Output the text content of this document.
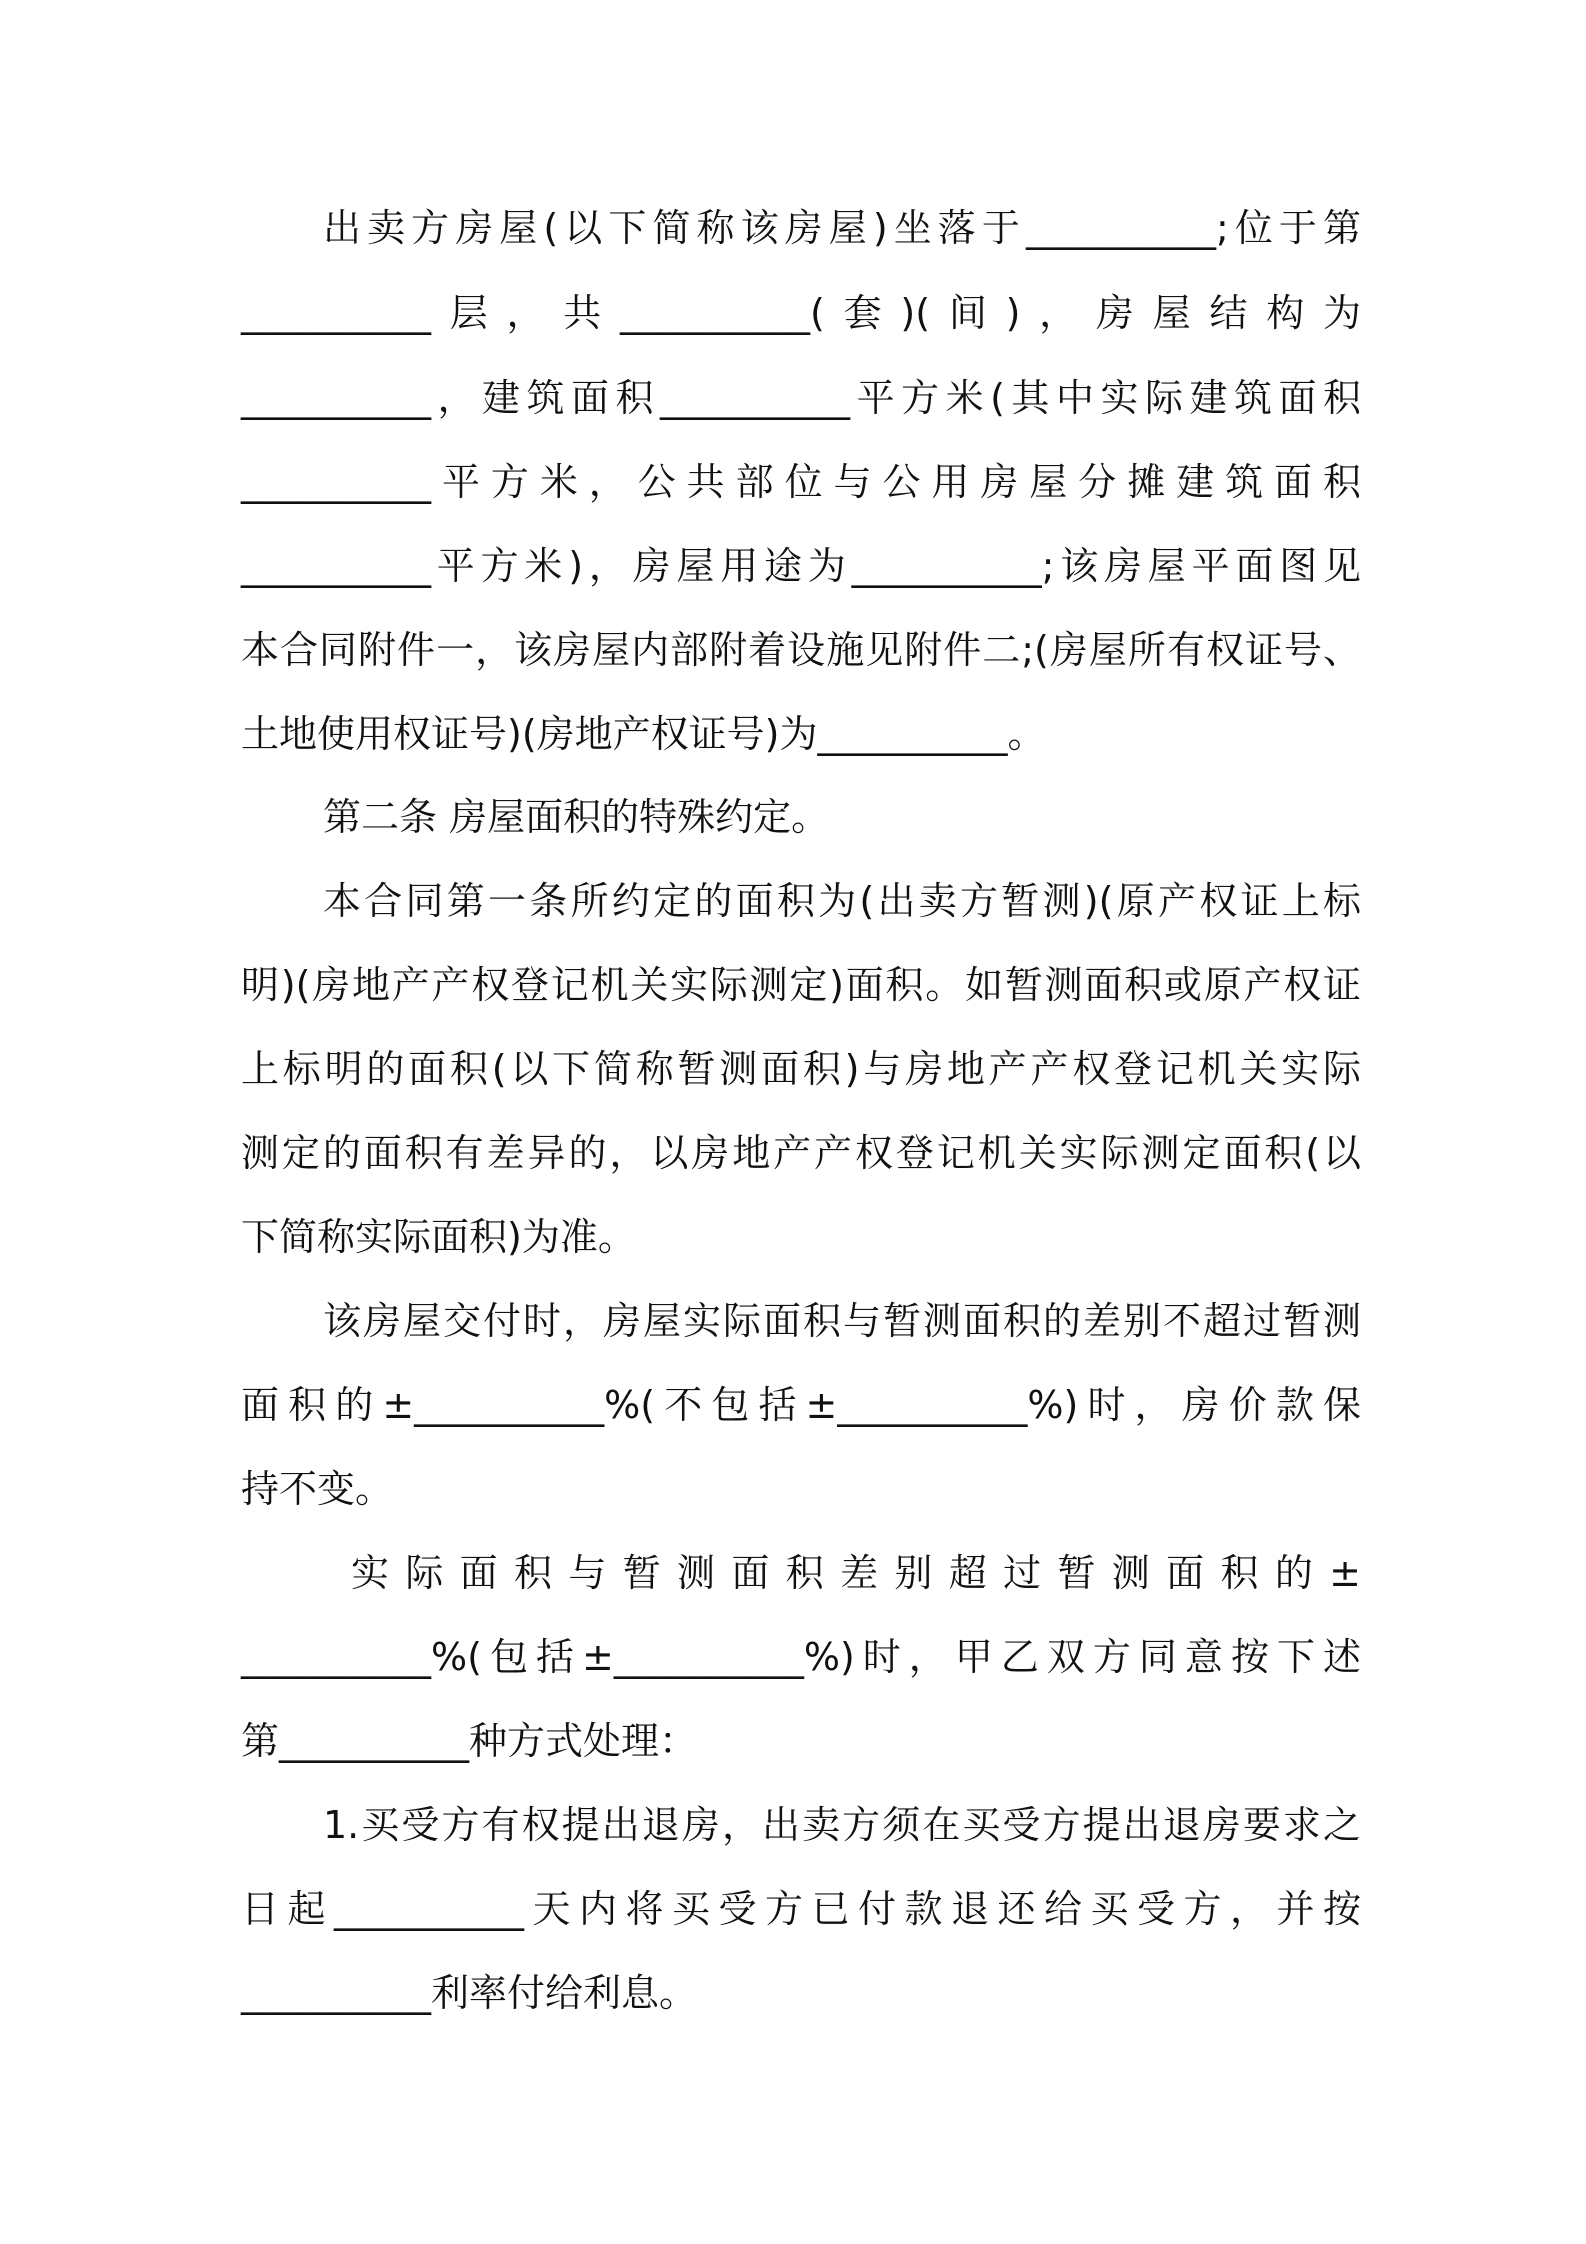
出卖方房屋(以下简称该房屋)坐落于__________;位于第
__________层，共__________(套)(间)，房屋结构为
__________，建筑面积__________平方米(其中实际建筑面积
__________平方米，公共部位与公用房屋分摊建筑面积
__________平方米)，房屋用途为__________;该房屋平面图见
本合同附件一，该房屋内部附着设施见附件二;(房屋所有权证号、
土地使用权证号)(房地产权证号)为__________。
第二条 房屋面积的特殊约定。
本合同第一条所约定的面积为(出卖方暂测)(原产权证上标
明)(房地产产权登记机关实际测定)面积。如暂测面积或原产权证
上标明的面积(以下简称暂测面积)与房地产产权登记机关实际
测定的面积有差异的，以房地产产权登记机关实际测定面积(以
下简称实际面积)为准。
该房屋交付时，房屋实际面积与暂测面积的差别不超过暂测
面积的±__________%(不包括±__________%)时，房价款保
持不变。
实际面积与暂测面积差别超过暂测面积的±
__________%(包括±__________%)时，甲乙双方同意按下述
第__________种方式处理：
1.买受方有权提出退房，出卖方须在买受方提出退房要求之
日起__________天内将买受方已付款退还给买受方，并按
__________利率付给利息。
